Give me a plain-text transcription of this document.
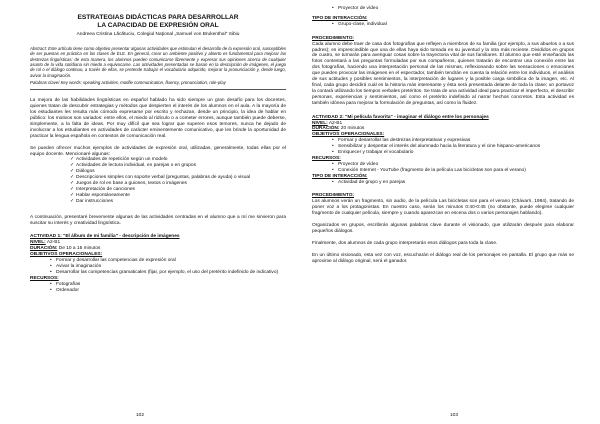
ESTRATEGIAS DIDÁCTICAS PARA DESARROLLAR

LA CAPACIDAD DE EXPRESIÓN ORAL

Andreea Cristina Lăcătuciu, Colegiul Naţional „Samuel von Brukenthal" Sibiu

Abstract: Este artículo tiene como objetivo presentar algunas actividades que estimulan el desarrollo de la expresión oral, susceptibles de ser puestas en práctica en las clases de ELE. En general, crear un ambiente positivo y abierto es fundamental para mejorar las destrezas lingüísticas: de esta manera, los alumnos pueden comunicarse libremente y expresar sus opiniones acerca de cualquier asunto de la vida cotidiana sin miedo a equivocarse. Las actividades presentadas se basan en la descripción de imágenes, el juego de rol o el diálogo continuo, a través de ellas, se pretende trabajar el vocabulario adquirido, mejorar la pronunciación y, desde luego, avivar la imaginación.

Palabras clave/ Key words: speaking activities, motifie communication, fluency, pronunciation, role-play

La mejora de las habilidades lingüísticas en español hablado ha sido siempre un gran desafío para los docentes, quienes tratan de descubrir estrategias y métodos que despierten el interés de los alumnos en el aula. A la mayoría de los estudiantes les resulta más cómodo expresarse por escrito y rechazan, desde un principio, la idea de hablar en público: los motivos son variados: entre ellos, el miedo al ridículo o a cometer errores, aunque también puede deberse, simplemente, a la falta de ideas. Por muy difícil que sea lograr que superen esos temores, nunca he dejado de involucrar a los estudiantes en actividades de carácter eminentemente comunicativo, que les brinde la oportunidad de practicar la lengua española en contextos de comunicación real.

Se pueden ofrecer muchos ejemplos de actividades de expresión oral, utilizadas, generalmente, todas ellas por el equipo docente. Mencionaré algunas:

✓ Actividades de repetición según un modelo
✓ Actividades de lectura individual, en parejas o en grupos
✓ Diálogos
✓ Descripciones simples con soporte verbal (preguntas, palabras de ayuda) o visual
✓ Juegos de rol en base a guiones, textos o imágenes
✓ Interpretación de canciones
✓ Hablar espontáneamente
✓ Dar instrucciones

A continuación, presentaré brevemente algunas de las actividades centradas en el alumno que a mí me sirvieron para suscitar su interés y creatividad lingüística.

ACTIVIDAD 1: "El álbum de mi familia" - descripción de imágenes

NIVEL: A2-B1

DURACIÓN: De 10 a 15 minutos

OBJETIVOS OPERACIONALES:

• Formar y desarrollar las competencias de expresión oral
• Avivar la imaginación
• Desarrollar las competencias gramaticales (fijar, por ejemplo, el uso del pretérito indefinido de indicativo)

RECURSOS:

• Fotografías
• Ordenador
102
• Proyector de vídeo

TIPO DE INTERACCIÓN:

• Grupo-clase, individual

PROCEDIMIENTO:

Cada alumno debe traer de casa dos fotografías que reflejen a miembros de su familia (por ejemplo, a sus abuelos o a sus padres); es imprescindible que una de ellas haya sido tomada en su juventud y la otra más reciente. Divididos en grupos de cuatro, se turnarán para averiguar cosas sobre la trayectoria vital de sus familiares. El alumno que esté enseñando las fotos contestará a las preguntas formuladas por sus compañeros, quienes tratarán de encontrar una conexión entre las dos fotografías, haciendo una interpretación personal de las mismas, reflexionando sobre las sensaciones o emociones que pueden provocar las imágenes en el espectador, también tendrán en cuenta la relación entre los individuos, el análisis de sus actitudes y posibles sentimientos, la interpretación de lugares y la posible carga simbólica de la imagen, etc. Al final, cada grupo decidirá cuál es la historia más interesante y ésta será presentada delante de toda la clase; un portavoz la contará utilizando los tiempos verbales pretéritos. Se trata de una actividad ideal para practicar el imperfecto, el describir personas, experiencias y sentimientos, así como el pretérito indefinido al narrar hechos concretos. Esta actividad es también idónea para mejorar la formulación de preguntas, así como la fluidez.

ACTIVIDAD 2: "Mi película favorita" - imaginar el diálogo entre los personajes

NIVEL: A2-B1

DURACIÓN: 20 minutos

OBJETIVOS OPERACIONALES:

• Formar y desarrollar las destrezas interpretativas y expresivas
• Sensibilizar y despertar el interés del alumnado hacia la literatura y el cine hispano-americanos
• Enriquecer y trabajar el vocabulario

RECURSOS:

• Proyector de vídeo
• Conexión Internet - YouTube (fragmento de la película Las bicicletas son para el verano)

TIPO DE INTERACCIÓN:

• Actividad de grupo y en parejas

PROCEDIMIENTO:

Los alumnos verán un fragmento, sin audio, de la película Las bicicletas son para el verano (Chávarri, 1984), tratando de poner voz a los protagonistas. En nuestro caso, serán los minutos 0:40-0:45 (no obstante, puede elegirse cualquier fragmento de cualquier película, siempre y cuando aparezcan en escena dos o varios personajes hablando).

Organizados en grupos, escribirán algunas palabras clave durante el visionado, que utilizarán después para elaborar pequeños diálogos.

Finalmente, dos alumnos de cada grupo interpretarán esos diálogos para toda la clase.

En un último visionado, esta vez con voz, escucharán el diálogo real de los personajes en pantalla. El grupo que más se aproxime al diálogo original, será el ganador.

103
